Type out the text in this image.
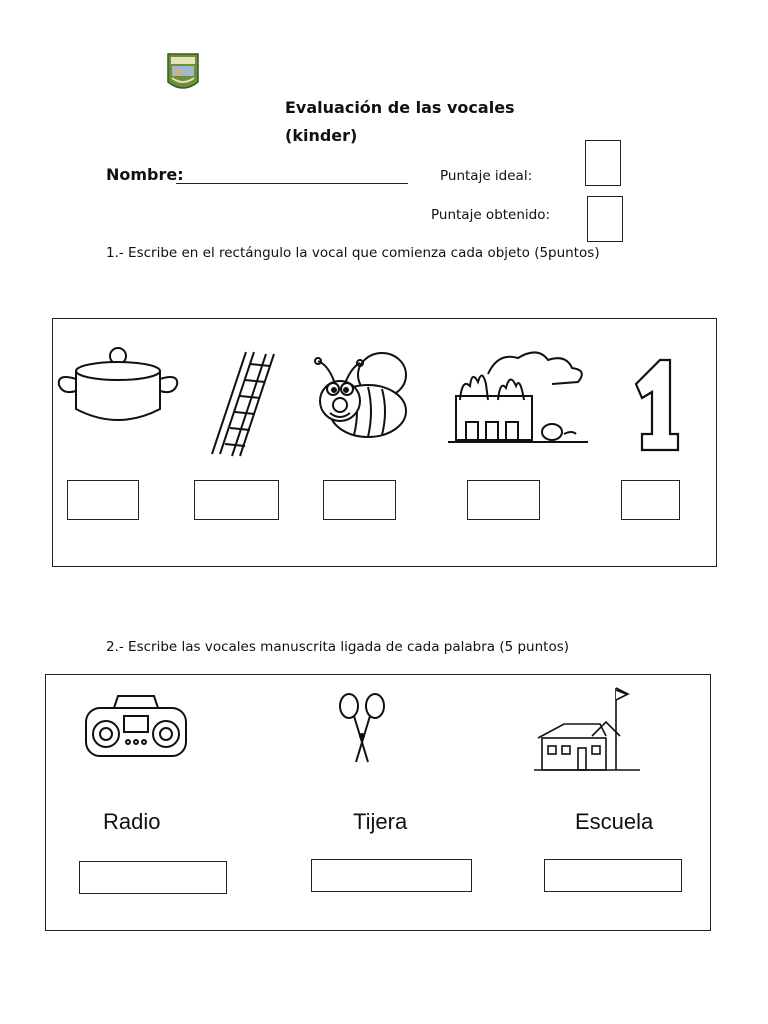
Evaluación de las vocales
(kinder)
Nombre:	Puntaje ideal:
Puntaje obtenido:
1.- Escribe en el rectángulo la vocal que comienza cada objeto (5puntos)
2.- Escribe las vocales manuscrita ligada de cada palabra (5 puntos)
Radio	Tijera	Escuela
